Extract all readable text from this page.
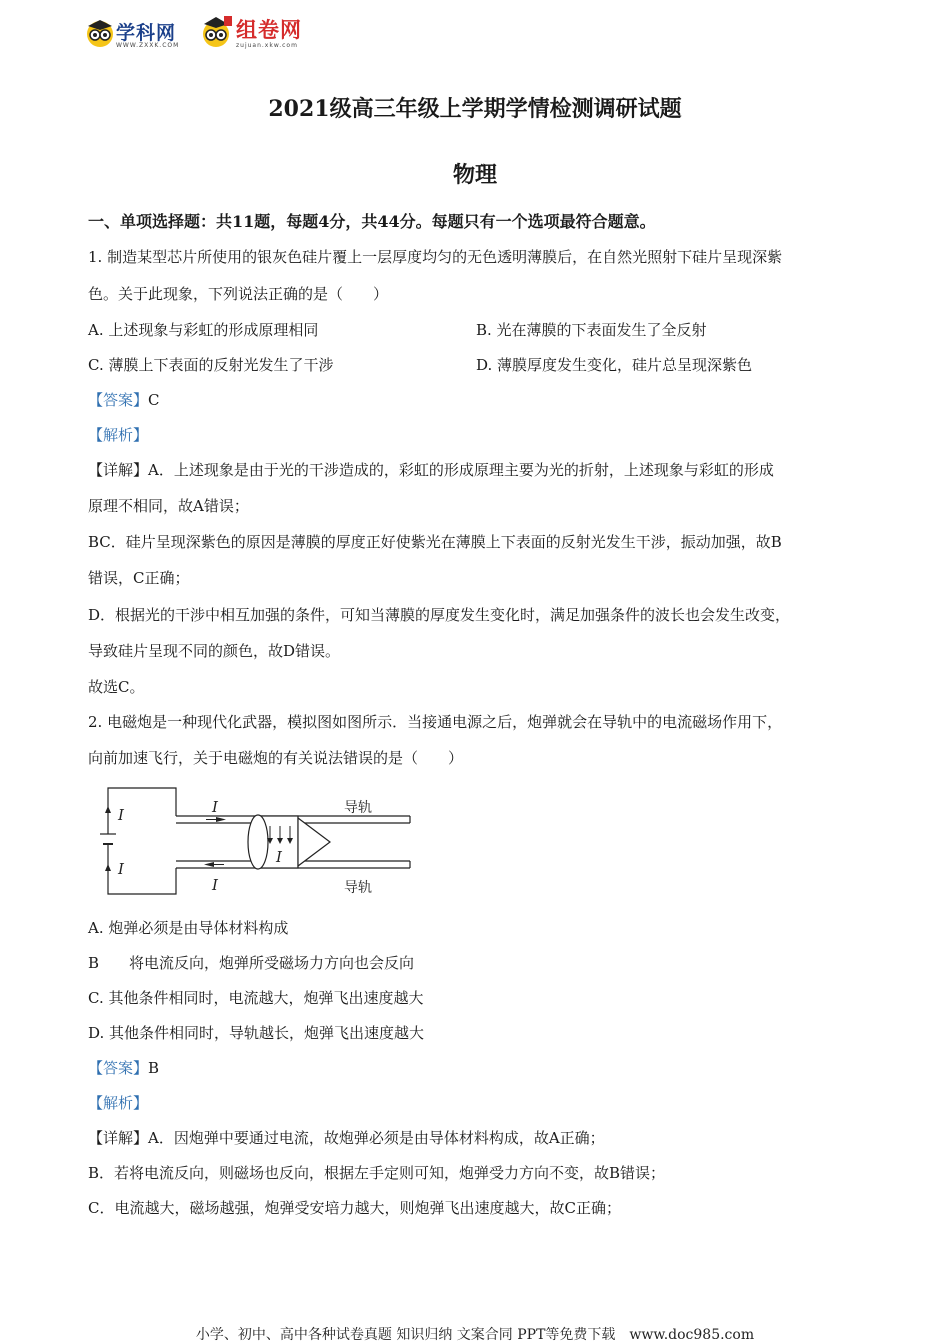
学科网
WWW.ZXXK.COM
组卷网
zujuan.xkw.com
2021级高三年级上学期学情检测调研试题
物理
一、单项选择题：共11题，每题4分，共44分。每题只有一个选项最符合题意。
1. 制造某型芯片所使用的银灰色硅片覆上一层厚度均匀的无色透明薄膜后，在自然光照射下硅片呈现深紫
色。关于此现象，下列说法正确的是（　　）
A. 上述现象与彩虹的形成原理相同	B. 光在薄膜的下表面发生了全反射
C. 薄膜上下表面的反射光发生了干涉	D. 薄膜厚度发生变化，硅片总呈现深紫色
【答案】C
【解析】
【详解】A．上述现象是由于光的干涉造成的，彩虹的形成原理主要为光的折射，上述现象与彩虹的形成
原理不相同，故A错误；
BC．硅片呈现深紫色的原因是薄膜的厚度正好使紫光在薄膜上下表面的反射光发生干涉，振动加强，故B
错误，C正确；
D．根据光的干涉中相互加强的条件，可知当薄膜的厚度发生变化时，满足加强条件的波长也会发生改变，
导致硅片呈现不同的颜色，故D错误。
故选C。
2. 电磁炮是一种现代化武器，模拟图如图所示．当接通电源之后，炮弹就会在导轨中的电流磁场作用下，
向前加速飞行，关于电磁炮的有关说法错误的是（　　）
I
I
I
I
I
导轨
导轨
A. 炮弹必须是由导体材料构成
B　　将电流反向，炮弹所受磁场力方向也会反向
C. 其他条件相同时，电流越大，炮弹飞出速度越大
D. 其他条件相同时，导轨越长，炮弹飞出速度越大
【答案】B
【解析】
【详解】A．因炮弹中要通过电流，故炮弹必须是由导体材料构成，故A正确；
B．若将电流反向，则磁场也反向，根据左手定则可知，炮弹受力方向不变，故B错误；
C．电流越大，磁场越强，炮弹受安培力越大，则炮弹飞出速度越大，故C正确；
小学、初中、高中各种试卷真题 知识归纳 文案合同 PPT等免费下载　www.doc985.com
